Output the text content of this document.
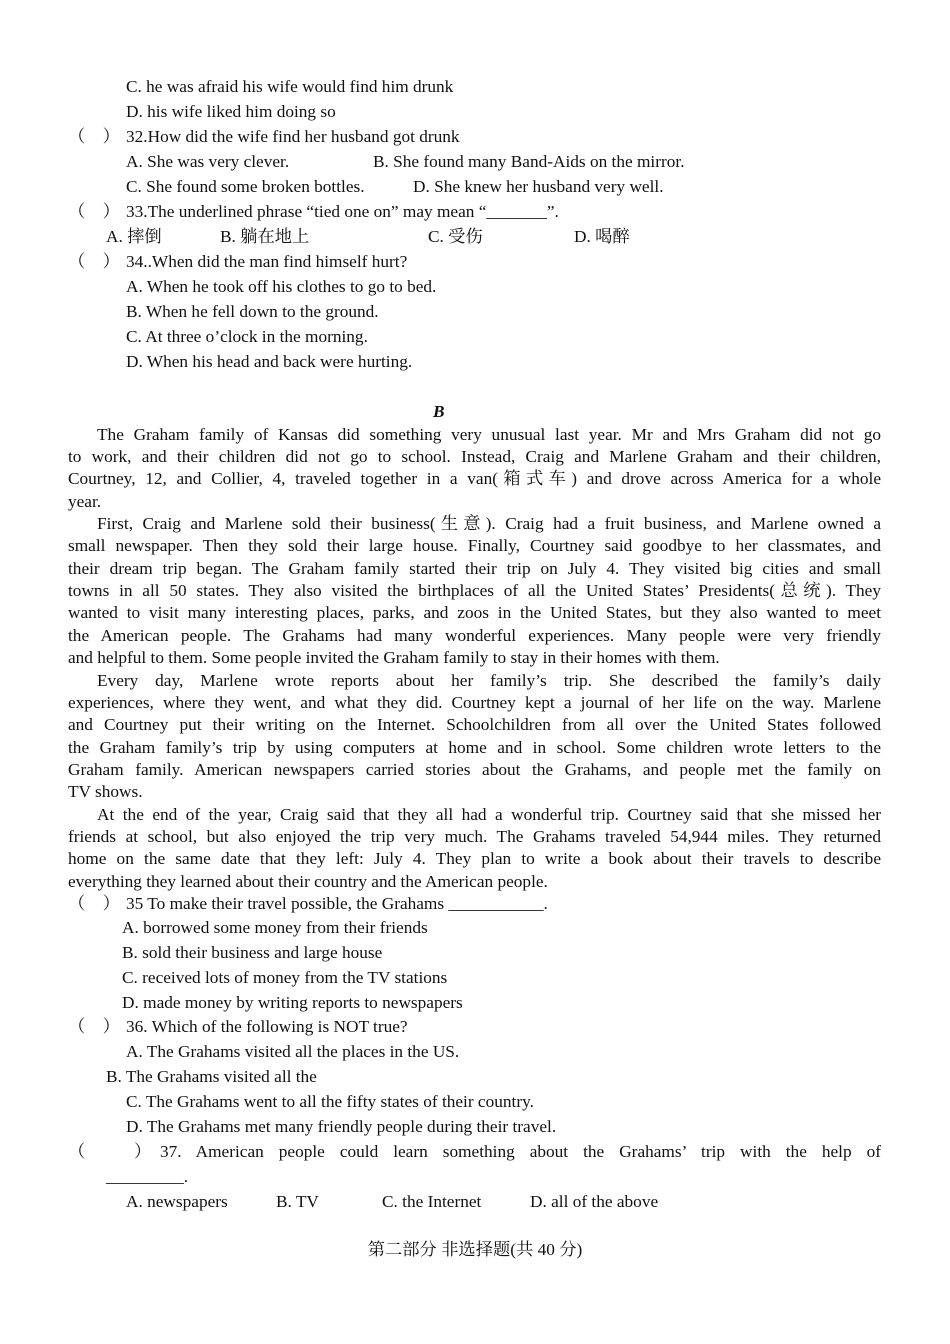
C. he was afraid his wife would find him drunk
D. his wife liked him doing so
（　） 32.How did the wife find her husband got drunk
A. She was very clever.	B. She found many Band-Aids on the mirror.
C. She found some broken bottles.	D. She knew her husband very well.
（　） 33.The underlined phrase “tied one on” may mean “_______”.
A. 摔倒	B. 躺在地上	C. 受伤	D. 喝醉
（　） 34..When did the man find himself hurt?
A. When he took off his clothes to go to bed.
B. When he fell down to the ground.
C. At three o’clock in the morning.
D. When his head and back were hurting.
B
The Graham family of Kansas did something very unusual last year. Mr and Mrs Graham did not go
to work, and their children did not go to school. Instead, Craig and Marlene Graham and their children,
Courtney, 12, and Collier, 4, traveled together in a van(箱式车) and drove across America for a whole
year.
First, Craig and Marlene sold their business(生意). Craig had a fruit business, and Marlene owned a
small newspaper. Then they sold their large house. Finally, Courtney said goodbye to her classmates, and
their dream trip began. The Graham family started their trip on July 4. They visited big cities and small
towns in all 50 states. They also visited the birthplaces of all the United States’ Presidents(总统). They
wanted to visit many interesting places, parks, and zoos in the United States, but they also wanted to meet
the American people. The Grahams had many wonderful experiences. Many people were very friendly
and helpful to them. Some people invited the Graham family to stay in their homes with them.
Every day, Marlene wrote reports about her family’s trip. She described the family’s daily
experiences, where they went, and what they did. Courtney kept a journal of her life on the way. Marlene
and Courtney put their writing on the Internet. Schoolchildren from all over the United States followed
the Graham family’s trip by using computers at home and in school. Some children wrote letters to the
Graham family. American newspapers carried stories about the Grahams, and people met the family on
TV shows.
At the end of the year, Craig said that they all had a wonderful trip. Courtney said that she missed her
friends at school, but also enjoyed the trip very much. The Grahams traveled 54,944 miles. They returned
home on the same date that they left: July 4. They plan to write a book about their travels to describe
everything they learned about their country and the American people.
（　） 35 To make their travel possible, the Grahams ___________.
A. borrowed some money from their friends
B. sold their business and large house
C. received lots of money from the TV stations
D. made money by writing reports to newspapers
（　） 36. Which of the following is NOT true?
A. The Grahams visited all the places in the US.
B. The Grahams visited all the
C. The Grahams went to all the fifty states of their country.
D. The Grahams met many friendly people during their travel.
（	） 37. American people could learn something about the Grahams’ trip with the help of
_________.
A. newspapers	B. TV	C. the Internet	D. all of the above
第二部分 非选择题(共 40 分)
